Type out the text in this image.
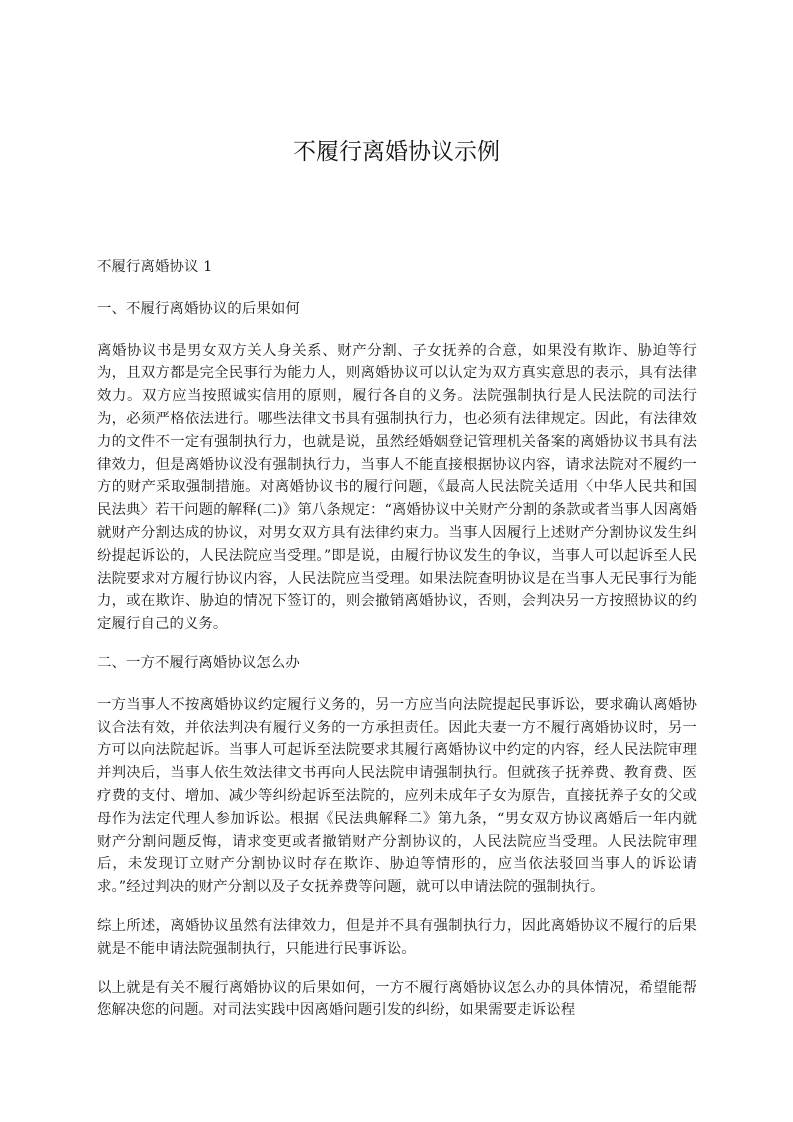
不履行离婚协议示例

不履行离婚协议 1

一、不履行离婚协议的后果如何

离婚协议书是男女双方关人身关系、财产分割、子女抚养的合意，如果没有欺诈、胁迫等行为，且双方都是完全民事行为能力人，则离婚协议可以认定为双方真实意思的表示，具有法律效力。双方应当按照诚实信用的原则，履行各自的义务。法院强制执行是人民法院的司法行为，必须严格依法进行。哪些法律文书具有强制执行力，也必须有法律规定。因此，有法律效力的文件不一定有强制执行力，也就是说，虽然经婚姻登记管理机关备案的离婚协议书具有法律效力，但是离婚协议没有强制执行力，当事人不能直接根据协议内容，请求法院对不履约一方的财产采取强制措施。对离婚协议书的履行问题，《最高人民法院关适用〈中华人民共和国民法典〉若干问题的解释(二)》第八条规定：“离婚协议中关财产分割的条款或者当事人因离婚就财产分割达成的协议，对男女双方具有法律约束力。当事人因履行上述财产分割协议发生纠纷提起诉讼的，人民法院应当受理。”即是说，由履行协议发生的争议，当事人可以起诉至人民法院要求对方履行协议内容，人民法院应当受理。如果法院查明协议是在当事人无民事行为能力，或在欺诈、胁迫的情况下签订的，则会撤销离婚协议，否则，会判决另一方按照协议的约定履行自己的义务。

二、一方不履行离婚协议怎么办

一方当事人不按离婚协议约定履行义务的，另一方应当向法院提起民事诉讼，要求确认离婚协议合法有效，并依法判决有履行义务的一方承担责任。因此夫妻一方不履行离婚协议时，另一方可以向法院起诉。当事人可起诉至法院要求其履行离婚协议中约定的内容，经人民法院审理并判决后，当事人依生效法律文书再向人民法院申请强制执行。但就孩子抚养费、教育费、医疗费的支付、增加、减少等纠纷起诉至法院的，应列未成年子女为原告，直接抚养子女的父或母作为法定代理人参加诉讼。根据《民法典解释二》第九条，“男女双方协议离婚后一年内就财产分割问题反悔，请求变更或者撤销财产分割协议的，人民法院应当受理。人民法院审理后，未发现订立财产分割协议时存在欺诈、胁迫等情形的，应当依法驳回当事人的诉讼请求。”经过判决的财产分割以及子女抚养费等问题，就可以申请法院的强制执行。

综上所述，离婚协议虽然有法律效力，但是并不具有强制执行力，因此离婚协议不履行的后果就是不能申请法院强制执行，只能进行民事诉讼。

以上就是有关不履行离婚协议的后果如何，一方不履行离婚协议怎么办的具体情况，希望能帮您解决您的问题。对司法实践中因离婚问题引发的纠纷，如果需要走诉讼程
